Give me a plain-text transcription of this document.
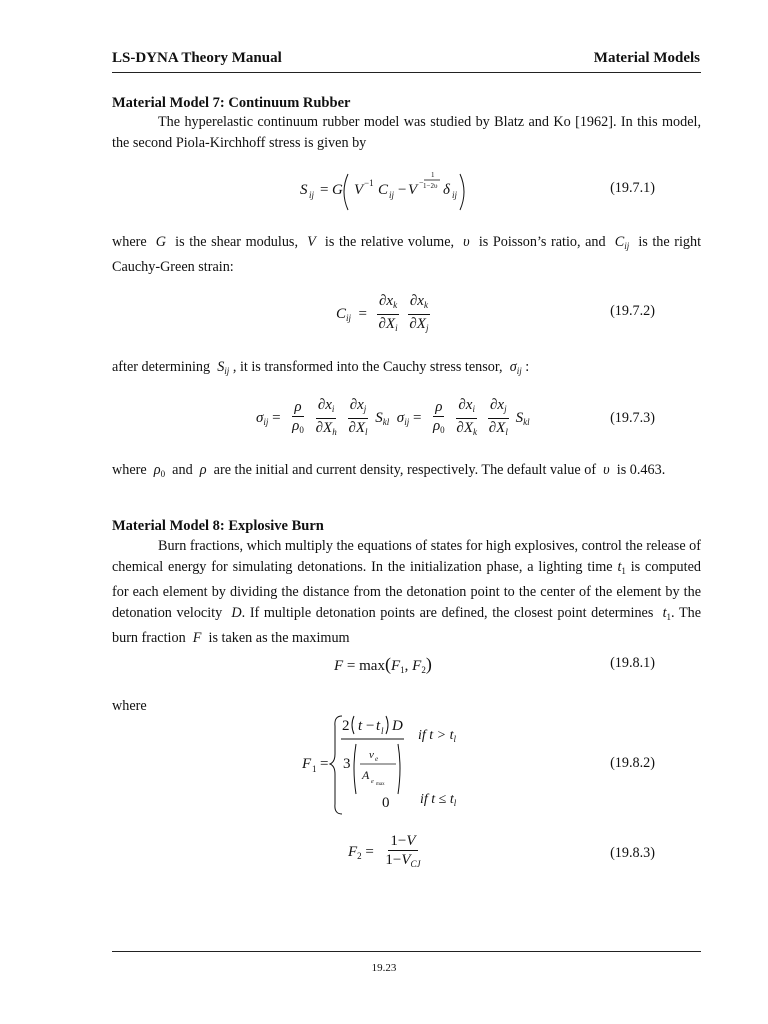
LS-DYNA Theory Manual	Material Models
Material Model 7: Continuum Rubber
The hyperelastic continuum rubber model was studied by Blatz and Ko [1962]. In this model, the second Piola-Kirchhoff stress is given by
S ij = G V −1 C ij − V −
1
1−2υ δ ij	(19.7.1)
where  G  is the shear modulus,  V  is the relative volume,  υ  is Poisson’s ratio, and  $C_{ij}$ is the right Cauchy-Green strain:
$C_{ij} = \frac{\partial x_k}{\partial X_i}$
$\frac{\partial x_k}{\partial X_j}$	(19.7.2)
after determining  $S_{ij}$ , it is transformed into the Cauchy stress tensor,  $\sigma_{ij}$ :
$\sigma_{ij} = \frac{\rho}{\rho_0}$
$\frac{\partial x_i}{\partial X_h}$
$\frac{\partial x_j}{\partial X_l} S_{kl}$  $\sigma_{ij} = \frac{\rho}{\rho_0}$
$\frac{\partial x_i}{\partial X_k}$
$\frac{\partial x_j}{\partial X_l} S_{kl}$	(19.7.3)
where  $\rho_0$ and  ρ  are the initial and current density, respectively. The default value of  υ  is 0.463.
Material Model 8: Explosive Burn
Burn fractions, which multiply the equations of states for high explosives, control the release of chemical energy for simulating detonations. In the initialization phase, a lighting time $t_1$ is computed for each element by dividing the distance from the detonation point to the center of the element by the detonation velocity  D. If multiple detonation points are defined, the closest point determines  $t_1$. The burn fraction  F  is taken as the maximum
$F = \max(F_1$, $F_2$)	(19.8.1)
where
F 1 =
2 t − t l D
3
v e
A e max
0
if $t > t_l$
if $t \le t_l$
(19.8.2)
$F_2 = \frac{1-V}{1-V_{CJ}}$	(19.8.3)
19.23
